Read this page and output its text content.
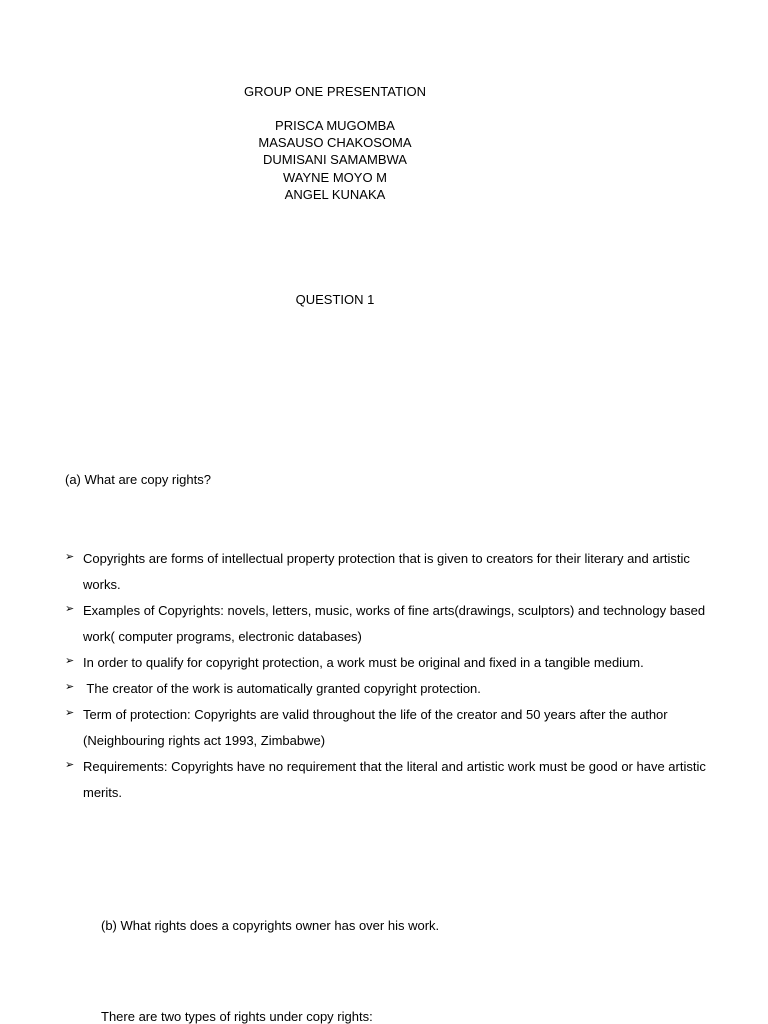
GROUP ONE PRESENTATION
PRISCA MUGOMBA
MASAUSO CHAKOSOMA
DUMISANI SAMAMBWA
WAYNE MOYO M
ANGEL KUNAKA
QUESTION 1
(a) What are copy rights?
➢ Copyrights are forms of intellectual property protection that is given to creators for their literary and artistic works.
➢ Examples of Copyrights: novels, letters, music, works of fine arts(drawings, sculptors) and technology based work( computer programs, electronic databases)
➢ In order to qualify for copyright protection, a work must be original and fixed in a tangible medium.
➢ The creator of the work is automatically granted copyright protection.
➢ Term of protection: Copyrights are valid throughout the life of the creator and 50 years after the author (Neighbouring rights act 1993, Zimbabwe)
➢ Requirements: Copyrights have no requirement that the literal and artistic work must be good or have artistic merits.
(b) What rights does a copyrights owner has over his work.
There are two types of rights under copy rights:
